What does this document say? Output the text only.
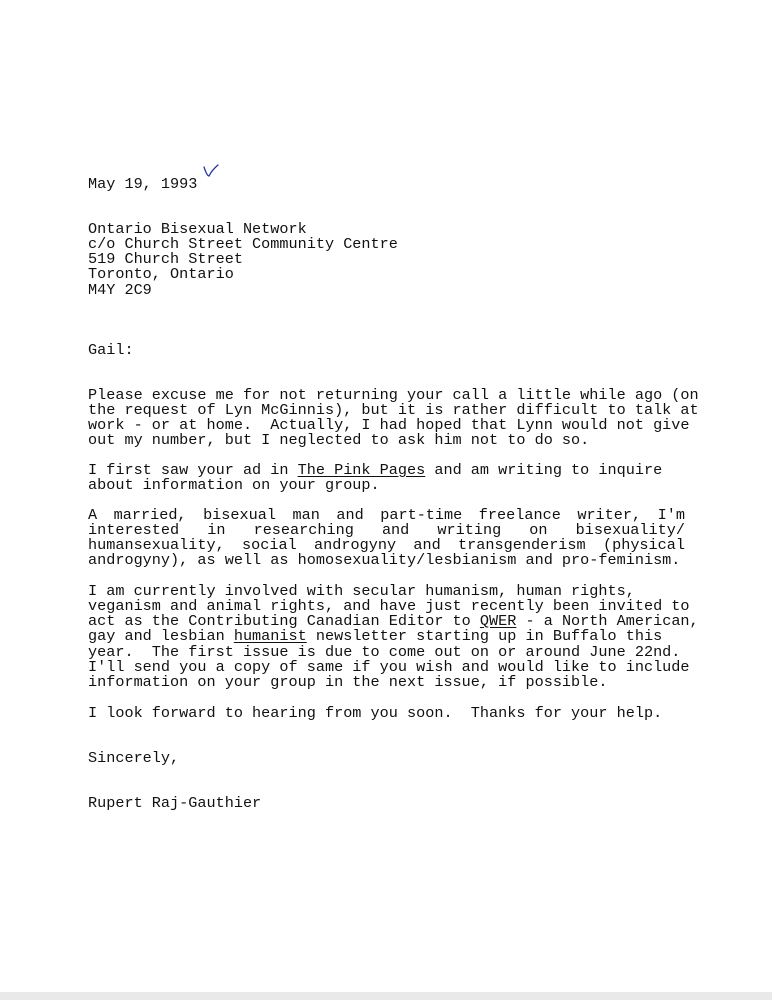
May 19, 1993
Ontario Bisexual Network
c/o Church Street Community Centre
519 Church Street
Toronto, Ontario
M4Y 2C9
Gail:
Please excuse me for not returning your call a little while ago (on
the request of Lyn McGinnis), but it is rather difficult to talk at
work - or at home.  Actually, I had hoped that Lynn would not give
out my number, but I neglected to ask him not to do so.
I first saw your ad in The Pink Pages and am writing to inquire
about information on your group.
A married, bisexual man and part-time freelance writer, I'm
interested in researching and writing on bisexuality/
humansexuality, social androgyny and transgenderism (physical
androgyny), as well as homosexuality/lesbianism and pro-feminism.
I am currently involved with secular humanism, human rights,
veganism and animal rights, and have just recently been invited to
act as the Contributing Canadian Editor to QWER - a North American,
gay and lesbian humanist newsletter starting up in Buffalo this
year.  The first issue is due to come out on or around June 22nd.
I'll send you a copy of same if you wish and would like to include
information on your group in the next issue, if possible.
I look forward to hearing from you soon.  Thanks for your help.
Sincerely,
Rupert Raj-Gauthier
